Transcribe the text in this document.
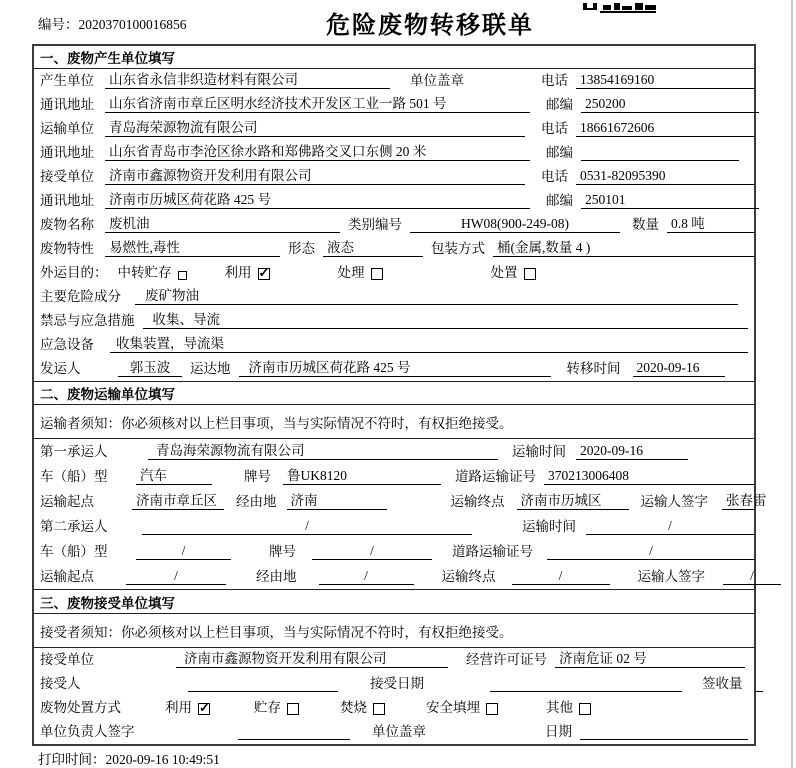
编号：2020370100016856	危险废物转移联单
一、废物产生单位填写
产生单位 山东省永信非织造材料有限公司	单位盖章	电话 13854169160
通讯地址 山东省济南市章丘区明水经济技术开发区工业一路 501 号	邮编 250200
运输单位 青岛海荣源物流有限公司	电话 18661672606
通讯地址 山东省青岛市李沧区徐水路和郑佛路交叉口东侧 20 米	邮编
接受单位 济南市鑫源物资开发利用有限公司	电话 0531-82095390
通讯地址 济南市历城区荷花路 425 号	邮编 250101
废物名称 废机油	类别编号	HW08(900-249-08)	数量 0.8 吨
废物特性 易燃性,毒性	形态 液态	包装方式 桶(金属,数量 4 )
外运目的： 中转贮存	利用 ✓	处理	处置
主要危险成分	废矿物油
禁忌与应急措施	收集、导流
应急设备	收集装置，导流渠
发运人	郭玉波	运达地	济南市历城区荷花路 425 号	转移时间 2020-09-16
二、废物运输单位填写
运输者须知：你必须核对以上栏目事项，当与实际情况不符时，有权拒绝接受。
第一承运人	青岛海荣源物流有限公司	运输时间 2020-09-16
车（船）型 汽车	牌号 鲁UK8120	道路运输证号 370213006408
运输起点	济南市章丘区	经由地 济南	运输终点 济南市历城区	运输人签字 张春雷
第二承运人	/	运输时间	/
车（船）型	/	牌号	/	道路运输证号	/
运输起点	/	经由地	/	运输终点	/	运输人签字	/
三、废物接受单位填写
接受者须知：你必须核对以上栏目事项，当与实际情况不符时，有权拒绝接受。
接受单位	济南市鑫源物资开发利用有限公司	经营许可证号 济南危证 02 号
接受人	接受日期	签收量
废物处置方式	利用 ✓	贮存	焚烧	安全填埋	其他
单位负责人签字	单位盖章	日期
打印时间：2020-09-16 10:49:51
